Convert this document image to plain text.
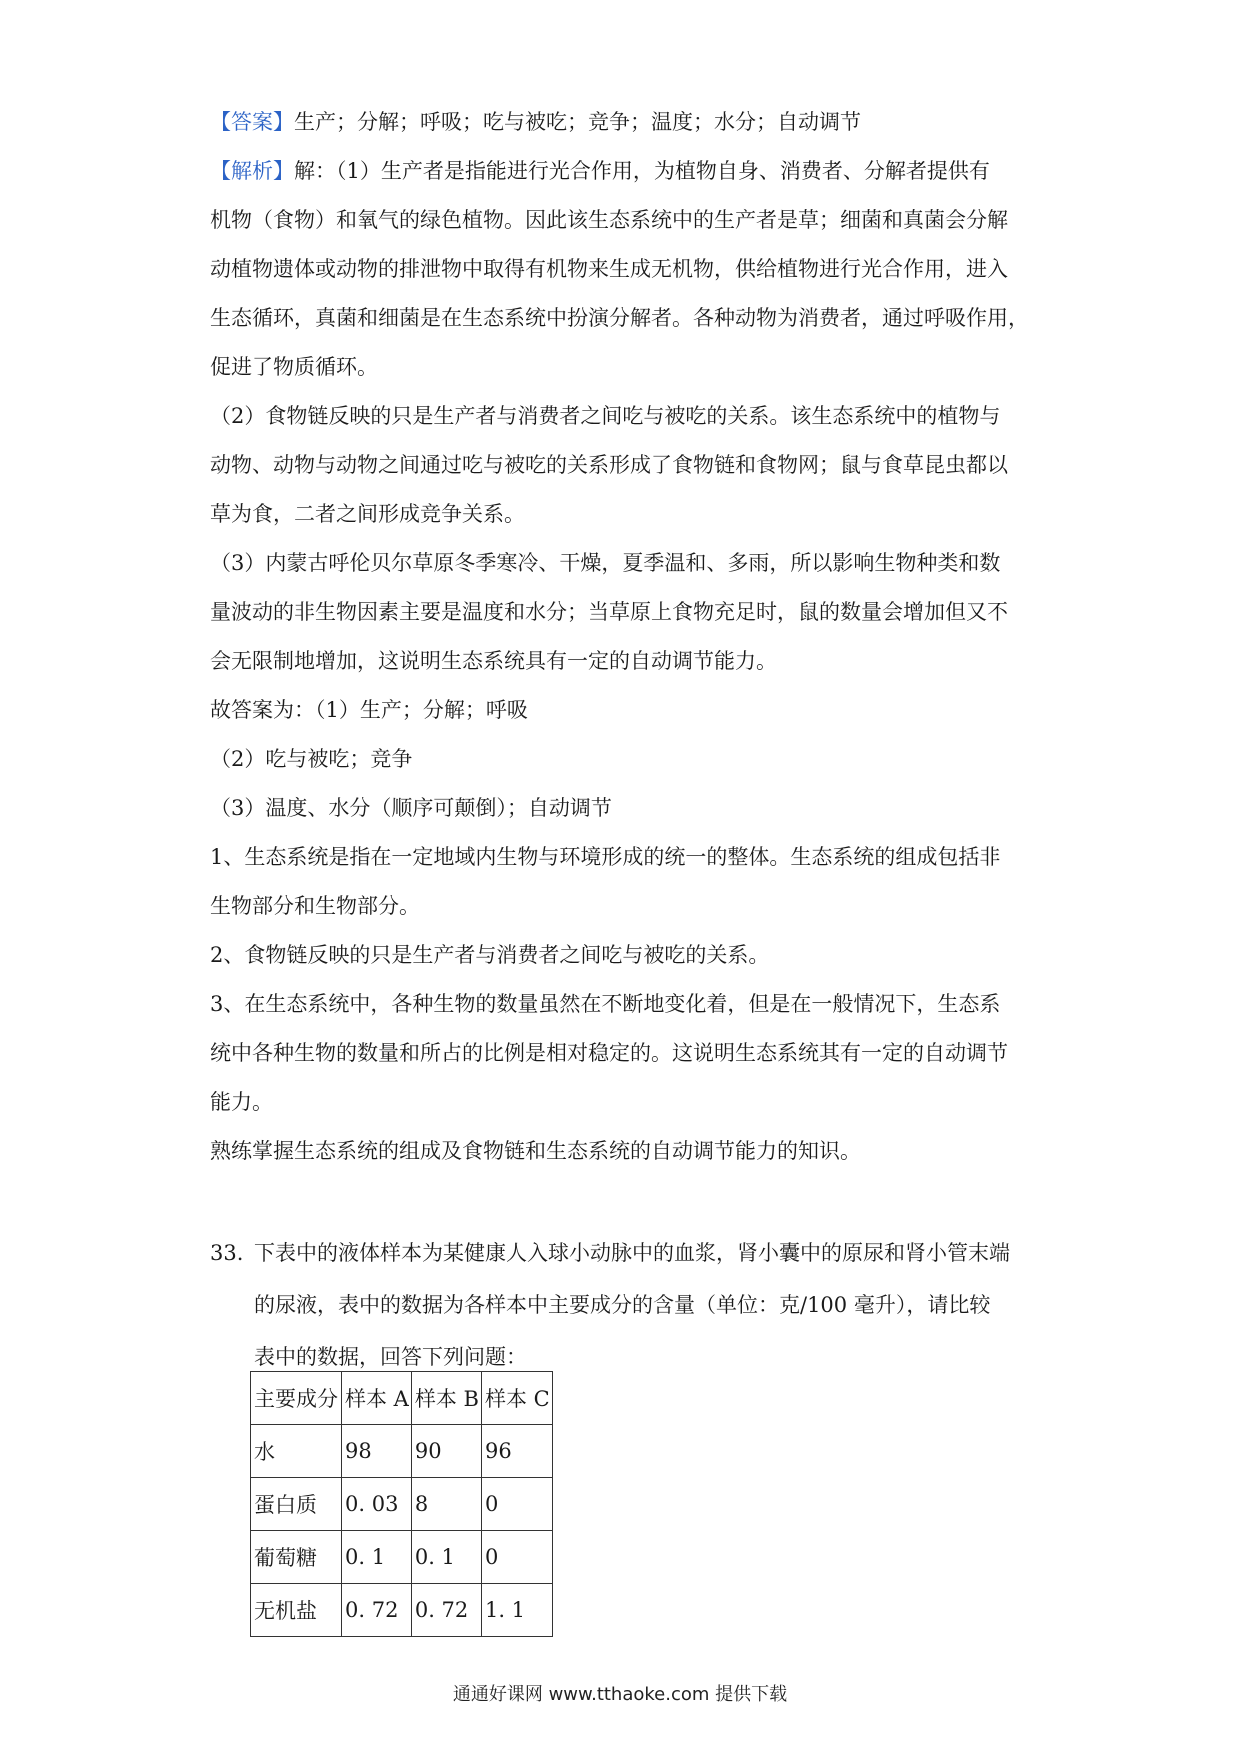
【答案】生产；分解；呼吸；吃与被吃；竞争；温度；水分；自动调节
【解析】解：（1）生产者是指能进行光合作用，为植物自身、消费者、分解者提供有
机物（食物）和氧气的绿色植物。因此该生态系统中的生产者是草；细菌和真菌会分解
动植物遗体或动物的排泄物中取得有机物来生成无机物，供给植物进行光合作用，进入
生态循环，真菌和细菌是在生态系统中扮演分解者。各种动物为消费者，通过呼吸作用，
促进了物质循环。
（2）食物链反映的只是生产者与消费者之间吃与被吃的关系。该生态系统中的植物与
动物、动物与动物之间通过吃与被吃的关系形成了食物链和食物网；鼠与食草昆虫都以
草为食，二者之间形成竞争关系。
（3）内蒙古呼伦贝尔草原冬季寒冷、干燥，夏季温和、多雨，所以影响生物种类和数
量波动的非生物因素主要是温度和水分；当草原上食物充足时，鼠的数量会增加但又不
会无限制地增加，这说明生态系统具有一定的自动调节能力。
故答案为：（1）生产；分解；呼吸
（2）吃与被吃；竞争
（3）温度、水分（顺序可颠倒）；自动调节
1、生态系统是指在一定地域内生物与环境形成的统一的整体。生态系统的组成包括非
生物部分和生物部分。
2、食物链反映的只是生产者与消费者之间吃与被吃的关系。
3、在生态系统中，各种生物的数量虽然在不断地变化着，但是在一般情况下，生态系
统中各种生物的数量和所占的比例是相对稳定的。这说明生态系统其有一定的自动调节
能力。
熟练掌握生态系统的组成及食物链和生态系统的自动调节能力的知识。
33. 下表中的液体样本为某健康人入球小动脉中的血浆，肾小囊中的原尿和肾小管末端
的尿液，表中的数据为各样本中主要成分的含量（单位：克/100 毫升），请比较
表中的数据，回答下列问题：
主要成分	样本 A	样本 B	样本 C
水	98	90	96
蛋白质	0. 03	8	0
葡萄糖	0. 1	0. 1	0
无机盐	0. 72	0. 72	1. 1
通通好课网 www.tthaoke.com 提供下载
